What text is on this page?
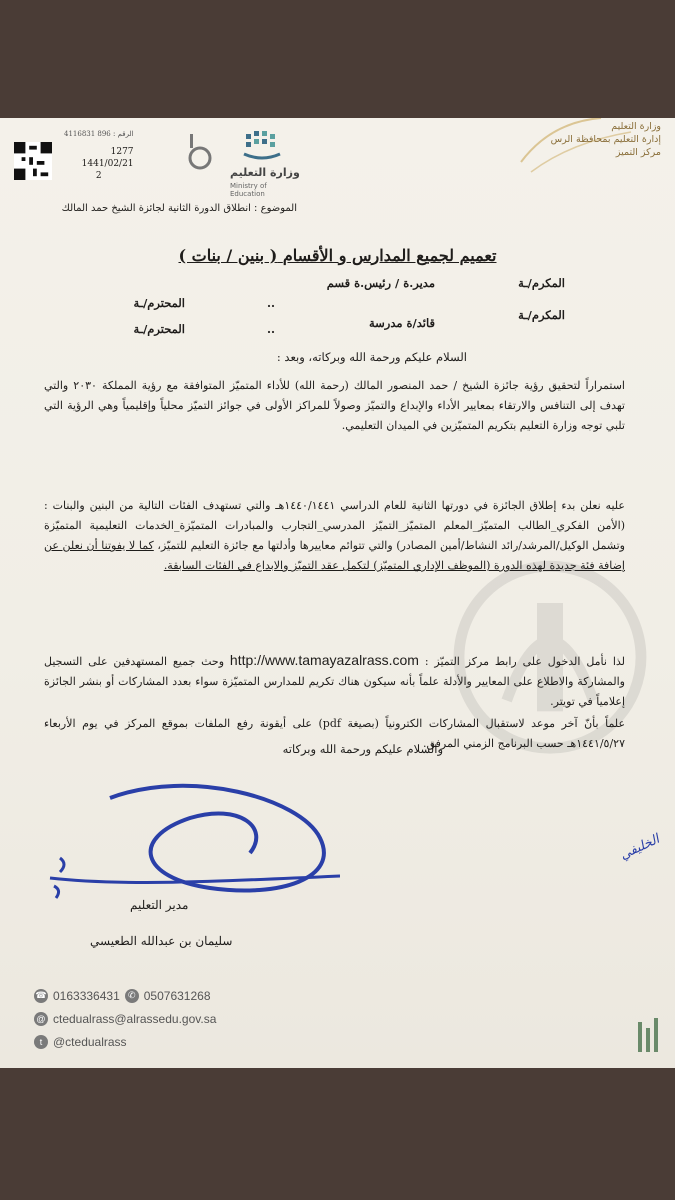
4116831 896 : الرقم
1277
1441/02/21
2	وزارة التعليم
Ministry of Education
وزارة التعليم
إدارة التعليم بمحافظة الرس
مركز التميز
الموضوع : انطلاق الدورة الثانية لجائزة الشيخ حمد المالك
تعميم لجميع المدارس و الأقسام ( بنين / بنات )
المكرم/ـة
مدير.ة / رئيس.ة قسم
..
المحترم/ـة
المكرم/ـة
قائد/ة مدرسة
..
المحترم/ـة
السلام عليكم ورحمة الله وبركاته، وبعد :
استمراراً لتحقيق رؤية جائزة الشيخ / حمد المنصور المالك (رحمة الله) للأداء المتميّز المتوافقة مع رؤية المملكة ٢٠٣٠ والتي تهدف إلى التنافس والارتقاء بمعايير الأداء والإبداع والتميّز وصولاً للمراكز الأولى في جوائز التميّز محلياً وإقليمياً وهي الرؤية التي تلبي توجه وزارة التعليم بتكريم المتميّزين في الميدان التعليمي.
عليه نعلن بدء إطلاق الجائزة في دورتها الثانية للعام الدراسي ١٤٤٠/١٤٤١هـ والتي تستهدف الفئات التالية من البنين والبنات : (الأمن الفكري_الطالب المتميّز_المعلم المتميّز_التميّز المدرسي_التجارب والمبادرات المتميّزة_الخدمات التعليمية المتميّزة وتشمل الوكيل/المرشد/رائد النشاط/أمين المصادر) والتي تتوائم معاييرها وأدلتها مع جائزة التعليم للتميّز، كما لا يفوتنا أن نعلن عن إضافة فئة جديدة لهذه الدورة (الموظف الإداري المتميّز) لتكمل عقد التميّز والابداع في الفئات السابقة.
لذا نأمل الدخول على رابط مركز التميّز : http://www.tamayazalrass.com وحث جميع المستهدفين على التسجيل والمشاركة والاطلاع على المعايير والأدلة علماً بأنه سيكون هناك تكريم للمدارس المتميّزة سواء بعدد المشاركات أو بنشر الجائزة إعلامياً في تويتر.
علماً بأنّ آخر موعد لاستقبال المشاركات الكترونياً (بصيغة pdf) على أيقونة رفع الملفات بموقع المركز في يوم الأربعاء ١٤٤١/٥/٢٧هـ حسب البرنامج الزمني المرفق.
والسلام عليكم ورحمة الله وبركاته
مدير التعليم
سليمان بن عبدالله الطعيسي
الخليفي
☎ 0163336431 ✆ 0507631268
@ ctedualrass@alrassedu.gov.sa
t @ctedualrass
